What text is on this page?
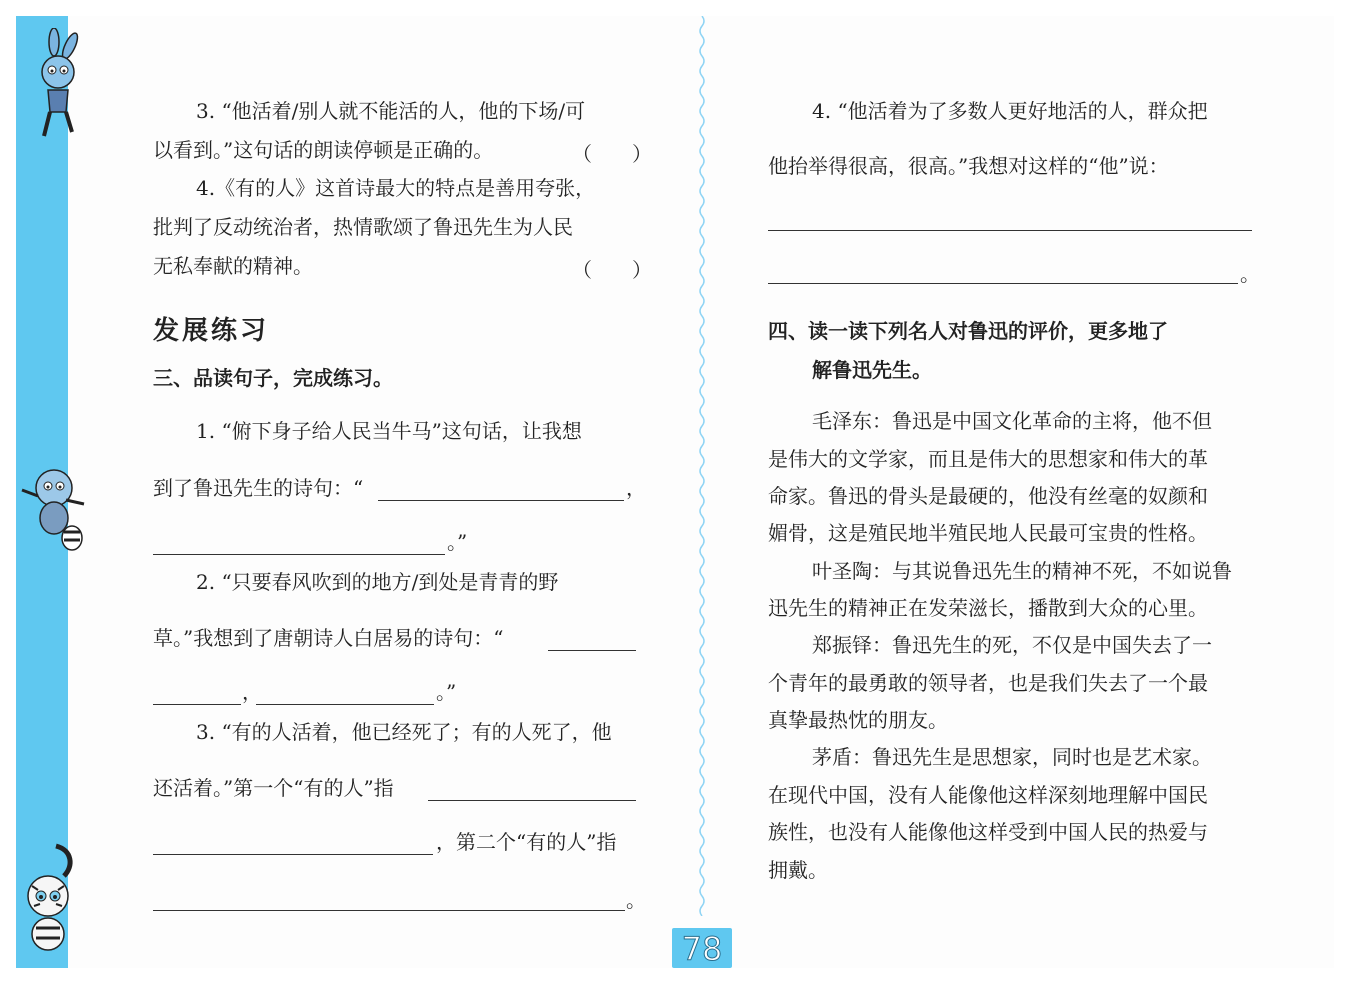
3. “他活着/别人就不能活的人，他的下场/可
以看到。”这句话的朗读停顿是正确的。	（　　）
4.《有的人》这首诗最大的特点是善用夸张，
批判了反动统治者，热情歌颂了鲁迅先生为人民
无私奉献的精神。	（　　）
发展练习
三、品读句子，完成练习。
1. “俯下身子给人民当牛马”这句话，让我想
到了鲁迅先生的诗句：“	，
。”
2. “只要春风吹到的地方/到处是青青的野
草。”我想到了唐朝诗人白居易的诗句：“
，	。”
3. “有的人活着，他已经死了；有的人死了，他
还活着。”第一个“有的人”指
，第二个“有的人”指
。
4. “他活着为了多数人更好地活的人，群众把
他抬举得很高，很高。”我想对这样的“他”说：
。
四、读一读下列名人对鲁迅的评价，更多地了
解鲁迅先生。
毛泽东：鲁迅是中国文化革命的主将，他不但
是伟大的文学家，而且是伟大的思想家和伟大的革
命家。鲁迅的骨头是最硬的，他没有丝毫的奴颜和
媚骨，这是殖民地半殖民地人民最可宝贵的性格。
叶圣陶：与其说鲁迅先生的精神不死，不如说鲁
迅先生的精神正在发荣滋长，播散到大众的心里。
郑振铎：鲁迅先生的死，不仅是中国失去了一
个青年的最勇敢的领导者，也是我们失去了一个最
真挚最热忱的朋友。
茅盾：鲁迅先生是思想家，同时也是艺术家。
在现代中国，没有人能像他这样深刻地理解中国民
族性，也没有人能像他这样受到中国人民的热爱与
拥戴。
78
